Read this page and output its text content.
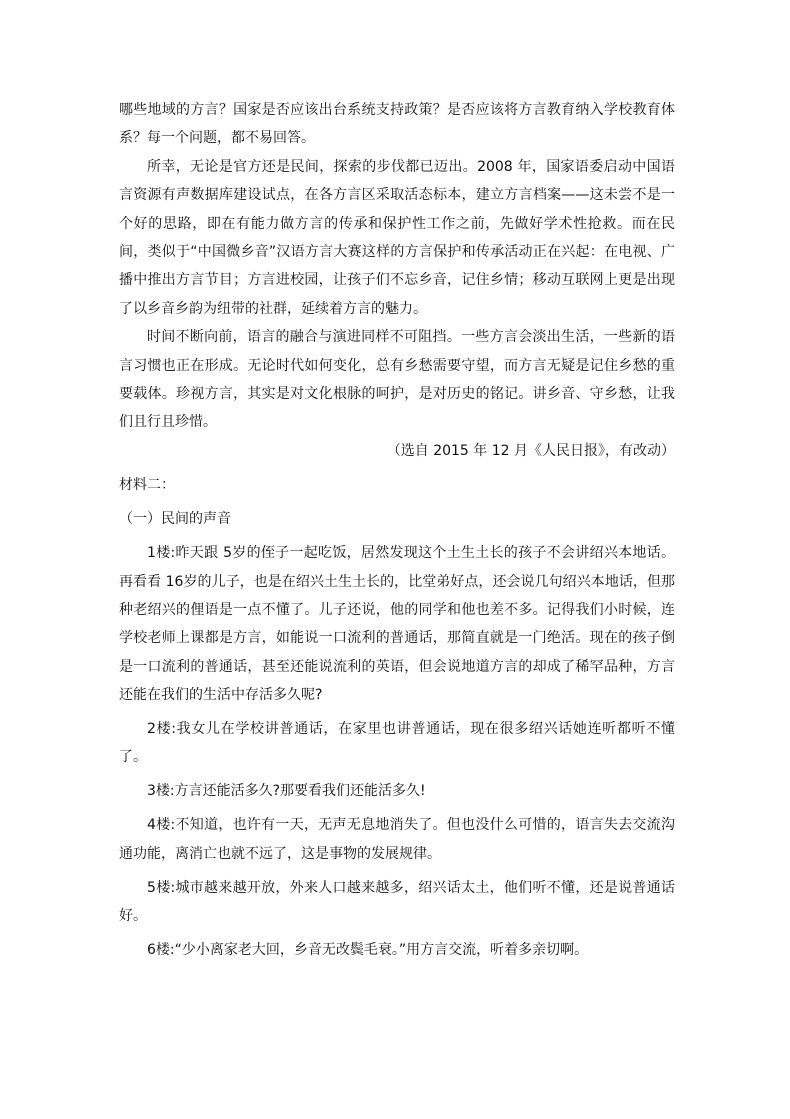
哪些地域的方言？国家是否应该出台系统支持政策？是否应该将方言教育纳入学校教育体系？每一个问题，都不易回答。

所幸，无论是官方还是民间，探索的步伐都已迈出。2008 年，国家语委启动中国语言资源有声数据库建设试点，在各方言区采取活态标本，建立方言档案——这未尝不是一个好的思路，即在有能力做方言的传承和保护性工作之前，先做好学术性抢救。而在民间，类似于“中国微乡音”汉语方言大赛这样的方言保护和传承活动正在兴起：在电视、广播中推出方言节目；方言进校园，让孩子们不忘乡音，记住乡情；移动互联网上更是出现了以乡音乡韵为纽带的社群，延续着方言的魅力。

时间不断向前，语言的融合与演进同样不可阻挡。一些方言会淡出生活，一些新的语言习惯也正在形成。无论时代如何变化，总有乡愁需要守望，而方言无疑是记住乡愁的重要载体。珍视方言，其实是对文化根脉的呵护，是对历史的铭记。讲乡音、守乡愁，让我们且行且珍惜。

（选自 2015 年 12 月《人民日报》，有改动）

材料二：

（一）民间的声音

1楼:昨天跟 5岁的侄子一起吃饭，居然发现这个土生土长的孩子不会讲绍兴本地话。再看看 16岁的儿子，也是在绍兴土生土长的，比堂弟好点，还会说几句绍兴本地话，但那种老绍兴的俚语是一点不懂了。儿子还说，他的同学和他也差不多。记得我们小时候，连学校老师上课都是方言，如能说一口流利的普通话，那简直就是一门绝活。现在的孩子倒是一口流利的普通话，甚至还能说流利的英语，但会说地道方言的却成了稀罕品种，方言还能在我们的生活中存活多久呢?

2楼:我女儿在学校讲普通话，在家里也讲普通话，现在很多绍兴话她连听都听不懂了。

3楼:方言还能活多久?那要看我们还能活多久!

4楼:不知道，也许有一天，无声无息地消失了。但也没什么可惜的，语言失去交流沟通功能，离消亡也就不远了，这是事物的发展规律。

5楼:城市越来越开放，外来人口越来越多，绍兴话太土，他们听不懂，还是说普通话好。

6楼:“少小离家老大回，乡音无改鬓毛衰。”用方言交流，听着多亲切啊。
